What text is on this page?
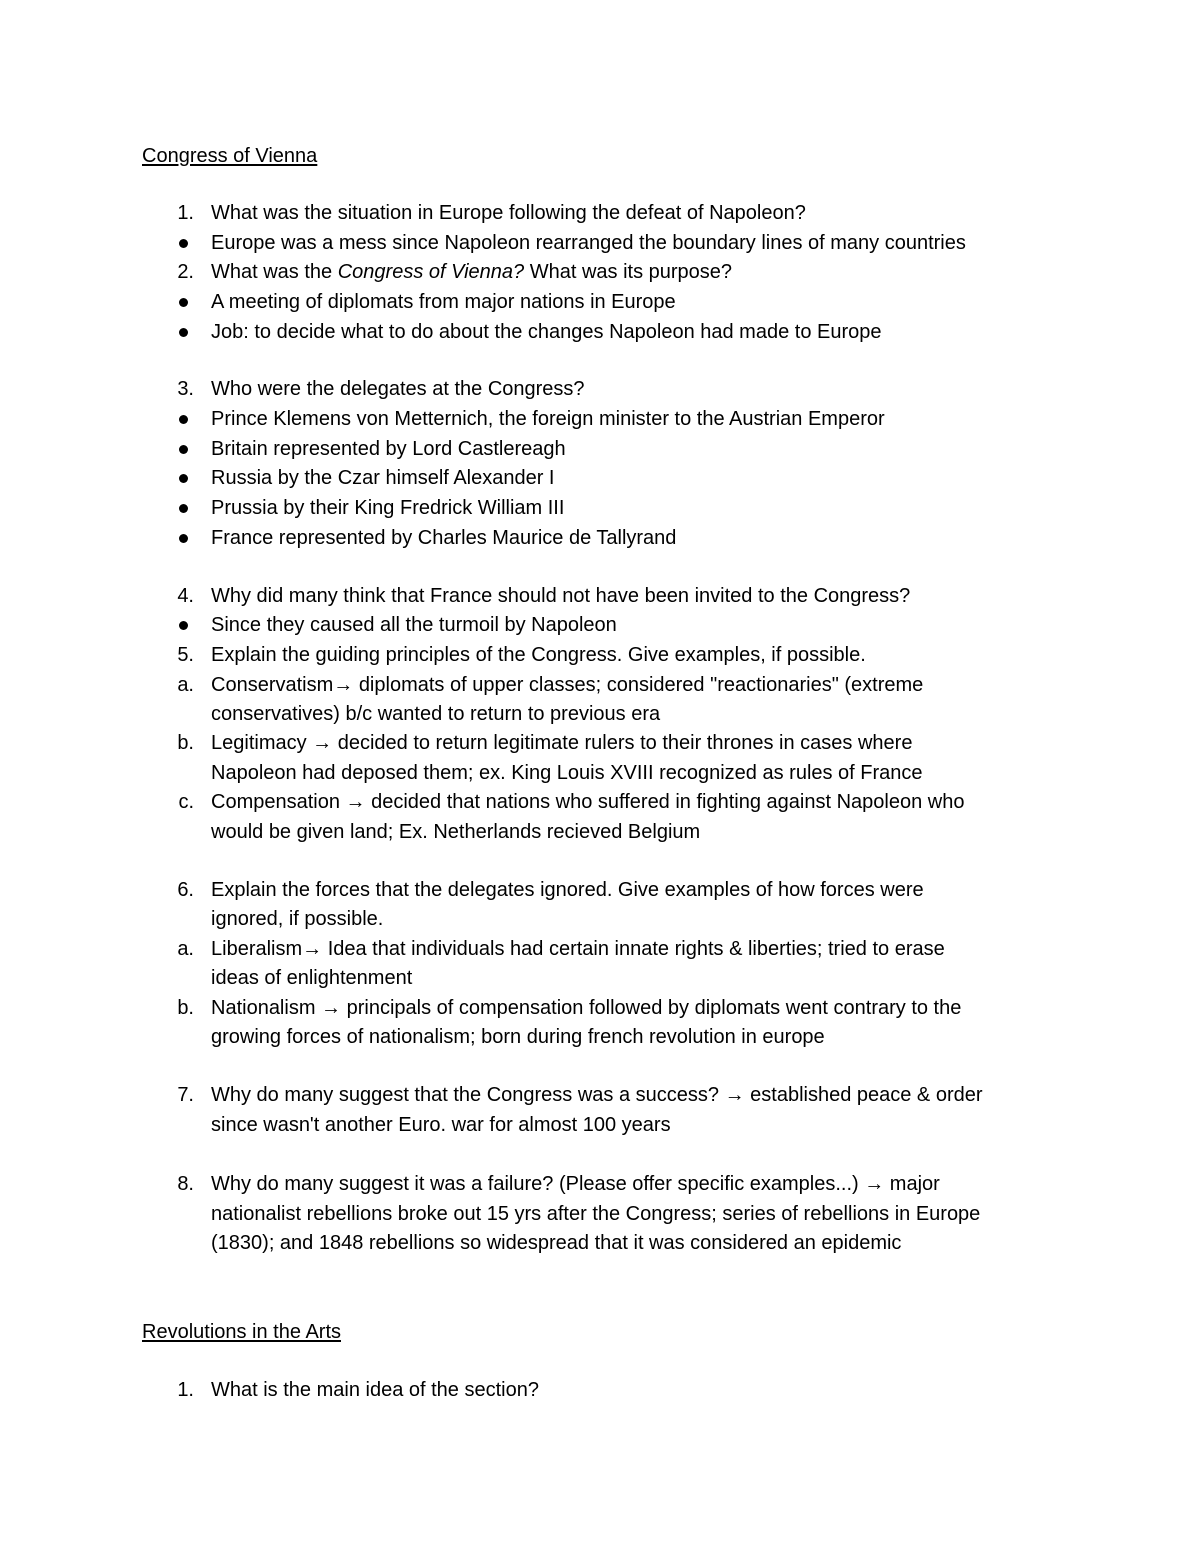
Congress of Vienna
1. What was the situation in Europe following the defeat of Napoleon?
Europe was a mess since Napoleon rearranged the boundary lines of many countries
2. What was the Congress of Vienna? What was its purpose?
A meeting of diplomats from major nations in Europe
Job: to decide what to do about the changes Napoleon had made to Europe
3. Who were the delegates at the Congress?
Prince Klemens von Metternich, the foreign minister to the Austrian Emperor
Britain represented by Lord Castlereagh
Russia by the Czar himself Alexander I
Prussia by their King Fredrick William III
France represented by Charles Maurice de Tallyrand
4. Why did many think that France should not have been invited to the Congress?
Since they caused all the turmoil by Napoleon
5. Explain the guiding principles of the Congress. Give examples, if possible.
a. Conservatism→ diplomats of upper classes; considered "reactionaries" (extreme
conservatives) b/c wanted to return to previous era
b. Legitimacy → decided to return legitimate rulers to their thrones in cases where
Napoleon had deposed them; ex. King Louis XVIII recognized as rules of France
c. Compensation → decided that nations who suffered in fighting against Napoleon who
would be given land; Ex. Netherlands recieved Belgium
6. Explain the forces that the delegates ignored. Give examples of how forces were
ignored, if possible.
a. Liberalism→ Idea that individuals had certain innate rights & liberties; tried to erase
ideas of enlightenment
b. Nationalism → principals of compensation followed by diplomats went contrary to the
growing forces of nationalism; born during french revolution in europe
7. Why do many suggest that the Congress was a success? → established peace & order
since wasn't another Euro. war for almost 100 years
8. Why do many suggest it was a failure? (Please offer specific examples...) → major
nationalist rebellions broke out 15 yrs after the Congress; series of rebellions in Europe
(1830); and 1848 rebellions so widespread that it was considered an epidemic
Revolutions in the Arts
1. What is the main idea of the section?
